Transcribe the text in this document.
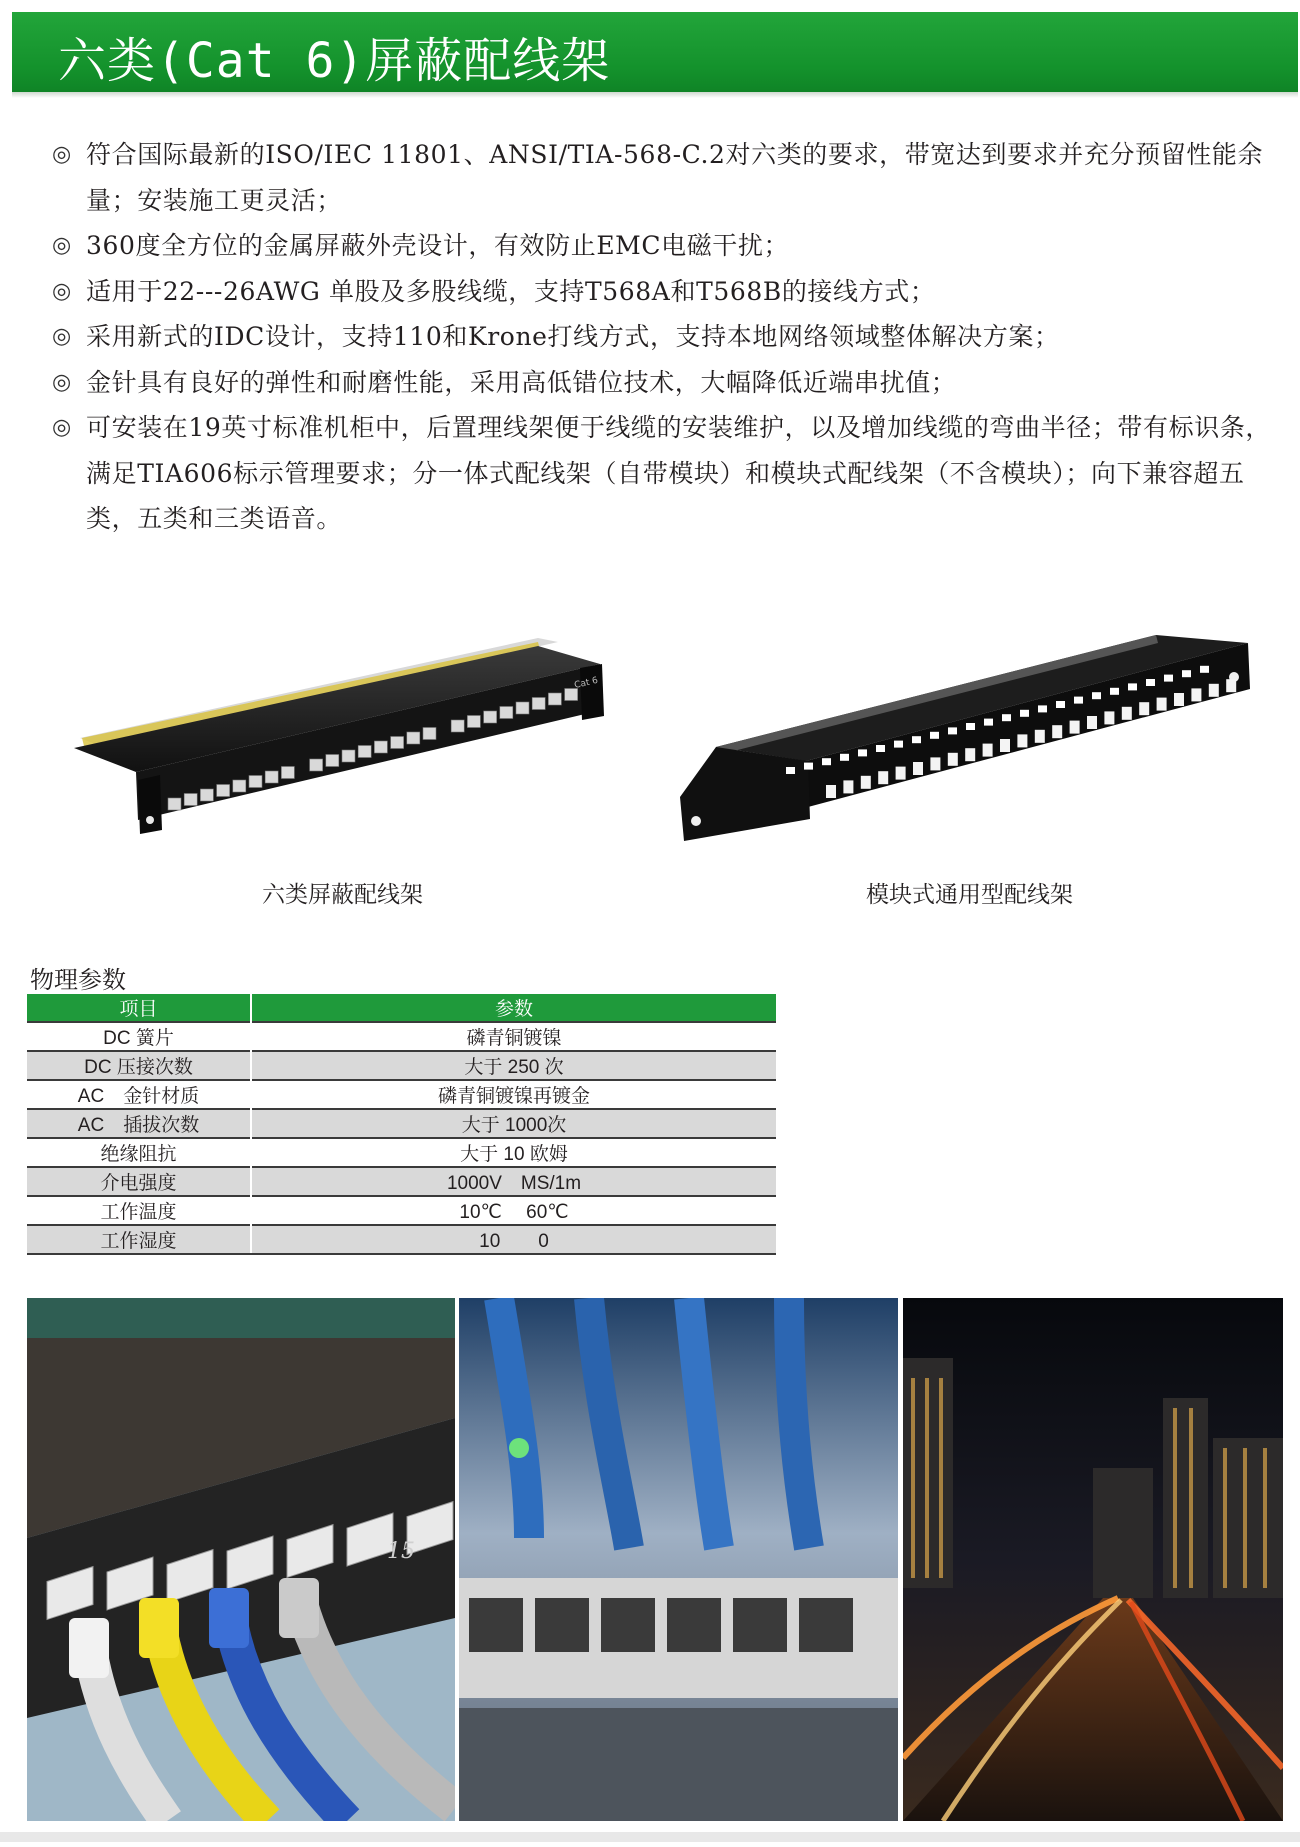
六类(Cat 6)屏蔽配线架
◎ 符合国际最新的ISO/IEC 11801、ANSI/TIA-568-C.2对六类的要求，带宽达到要求并充分预留性能余量；安装施工更灵活；
◎ 360度全方位的金属屏蔽外壳设计，有效防止EMC电磁干扰；
◎ 适用于22---26AWG 单股及多股线缆，支持T568A和T568B的接线方式；
◎ 采用新式的IDC设计，支持110和Krone打线方式，支持本地网络领域整体解决方案；
◎ 金针具有良好的弹性和耐磨性能，采用高低错位技术，大幅降低近端串扰值；
◎ 可安装在19英寸标准机柜中，后置理线架便于线缆的安装维护，以及增加线缆的弯曲半径；带有标识条，满足TIA606标示管理要求；分一体式配线架（自带模块）和模块式配线架（不含模块）；向下兼容超五类，五类和三类语音。
Cat 6
六类屏蔽配线架	模块式通用型配线架
物理参数
项目	参数
DC 簧片	磷青铜镀镍
DC 压接次数	大于 250 次
AC　金针材质	磷青铜镀镍再镀金
AC　插拔次数	大于 1000次
绝缘阻抗	大于 10 欧姆
介电强度	1000V　MS/1m
工作温度	10℃　 60℃
工作湿度	10　　0
15
